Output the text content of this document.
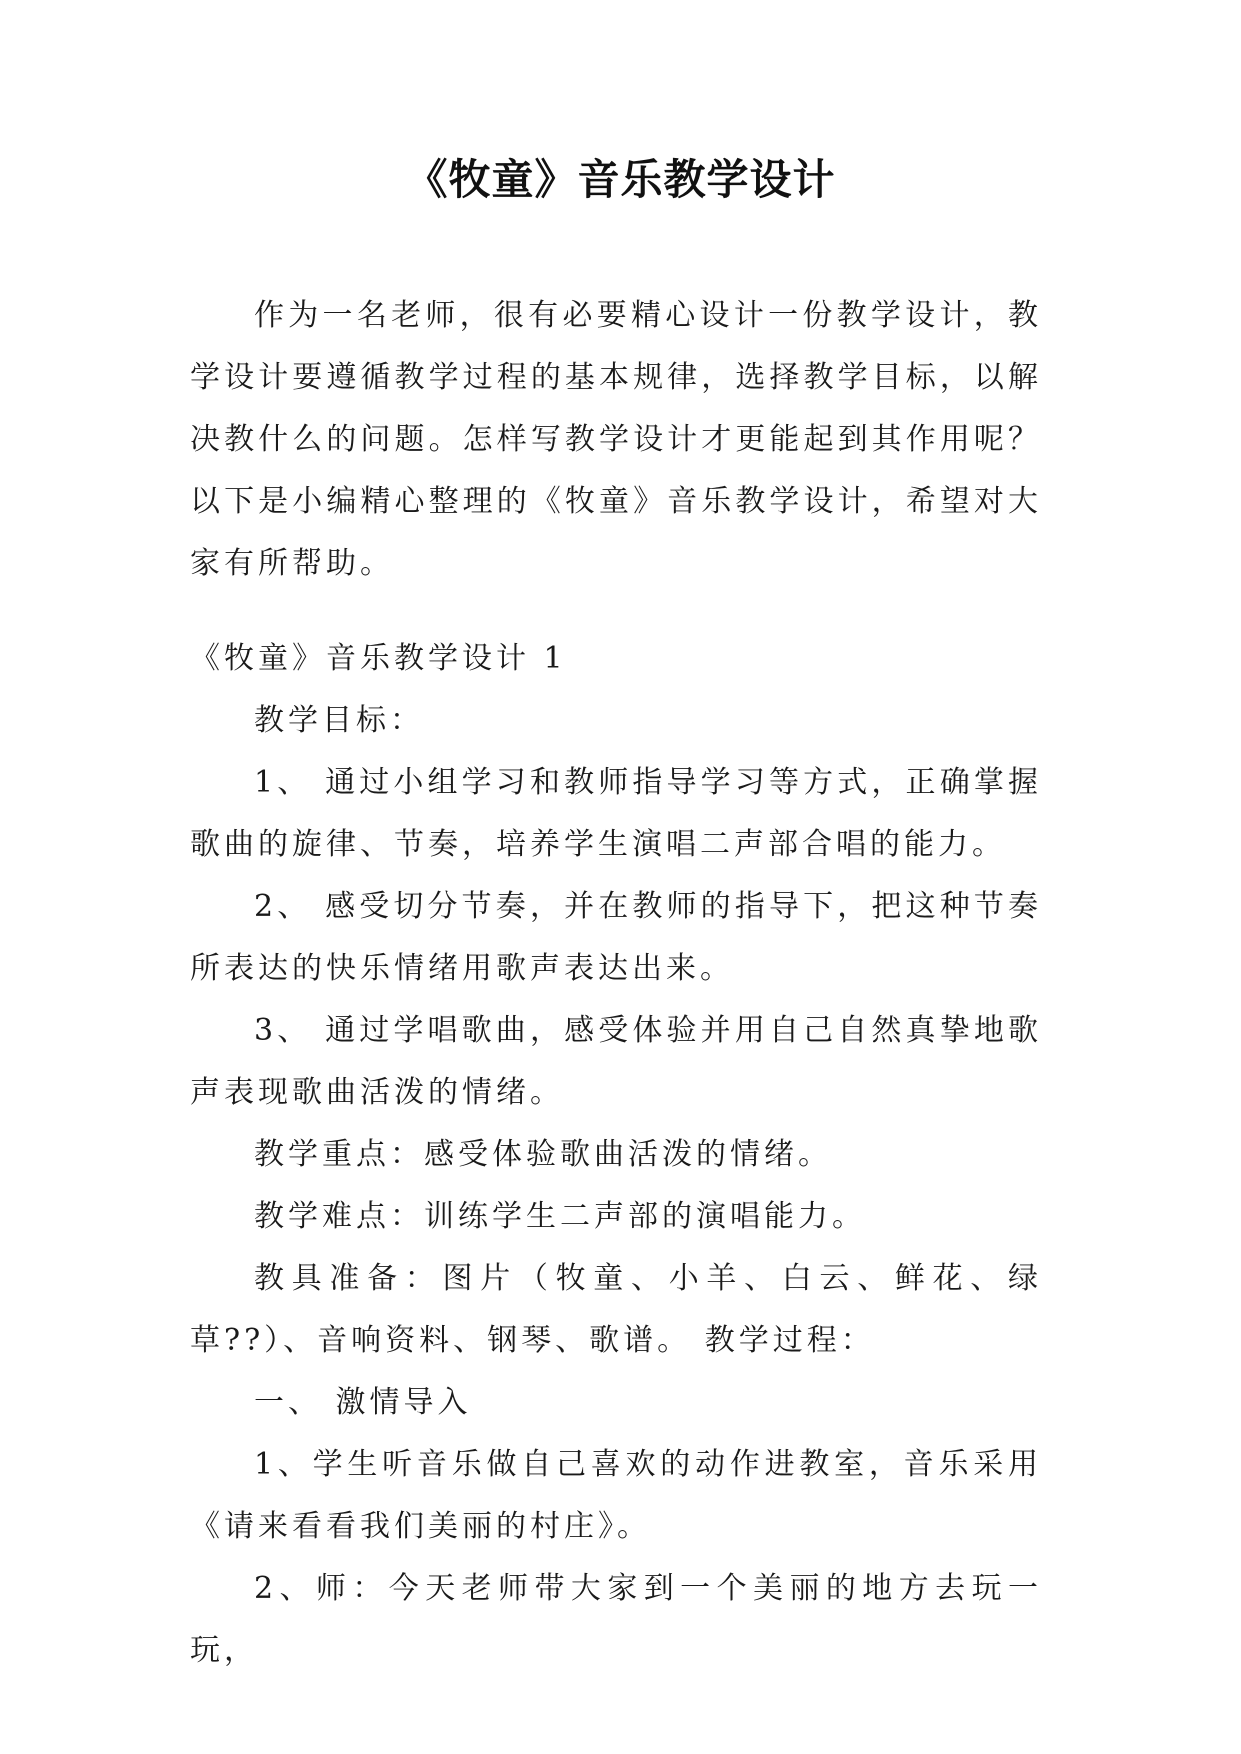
《牧童》音乐教学设计
作为一名老师，很有必要精心设计一份教学设计，教学设计要遵循教学过程的基本规律，选择教学目标，以解决教什么的问题。怎样写教学设计才更能起到其作用呢？以下是小编精心整理的《牧童》音乐教学设计，希望对大家有所帮助。

《牧童》音乐教学设计 1

教学目标：

1、 通过小组学习和教师指导学习等方式，正确掌握歌曲的旋律、节奏，培养学生演唱二声部合唱的能力。

2、 感受切分节奏，并在教师的指导下，把这种节奏所表达的快乐情绪用歌声表达出来。

3、 通过学唱歌曲，感受体验并用自己自然真挚地歌声表现歌曲活泼的情绪。

教学重点：感受体验歌曲活泼的情绪。

教学难点：训练学生二声部的演唱能力。

教具准备：图片（牧童、小羊、白云、鲜花、绿草??）、音响资料、钢琴、歌谱。 教学过程：

一、 激情导入

1、学生听音乐做自己喜欢的动作进教室，音乐采用《请来看看我们美丽的村庄》。

2、师：今天老师带大家到一个美丽的地方去玩一玩，
